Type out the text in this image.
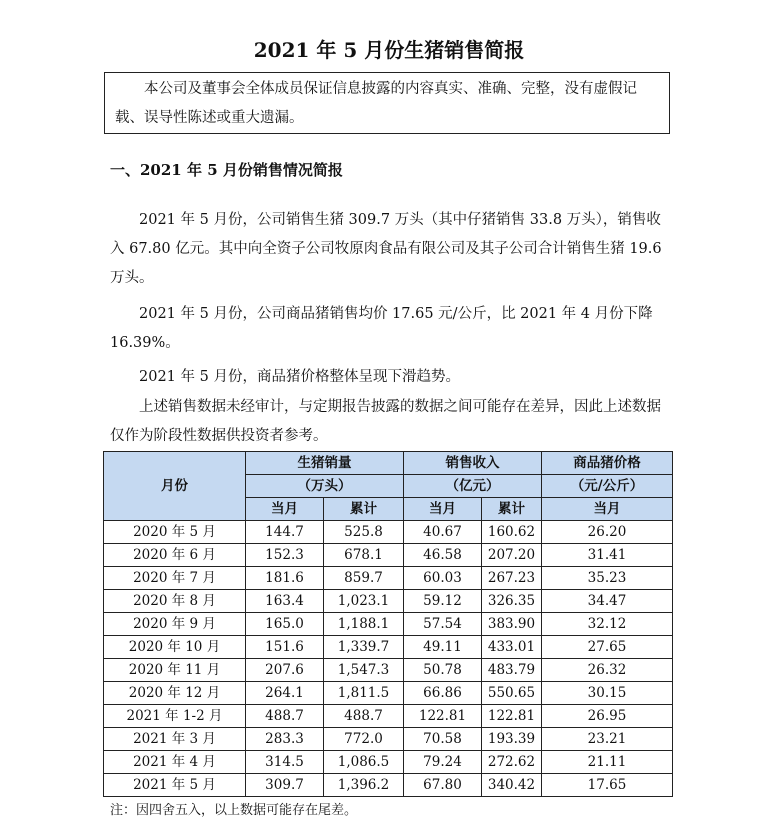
2021 年 5 月份生猪销售简报

本公司及董事会全体成员保证信息披露的内容真实、准确、完整，没有虚假记载、误导性陈述或重大遗漏。

一、2021 年 5 月份销售情况简报

2021 年 5 月份，公司销售生猪 309.7 万头（其中仔猪销售 33.8 万头），销售收入 67.80 亿元。其中向全资子公司牧原肉食品有限公司及其子公司合计销售生猪 19.6 万头。

2021 年 5 月份，公司商品猪销售均价 17.65 元/公斤，比 2021 年 4 月份下降 16.39%。

2021 年 5 月份，商品猪价格整体呈现下滑趋势。

上述销售数据未经审计，与定期报告披露的数据之间可能存在差异，因此上述数据仅作为阶段性数据供投资者参考。

月份	生猪销量		销售收入		商品猪价格
	（万头）		（亿元）		（元/公斤）
	当月	累计	当月	累计	当月
2020 年 5 月	144.7	525.8	40.67	160.62	26.20
2020 年 6 月	152.3	678.1	46.58	207.20	31.41
2020 年 7 月	181.6	859.7	60.03	267.23	35.23
2020 年 8 月	163.4	1,023.1	59.12	326.35	34.47
2020 年 9 月	165.0	1,188.1	57.54	383.90	32.12
2020 年 10 月	151.6	1,339.7	49.11	433.01	27.65
2020 年 11 月	207.6	1,547.3	50.78	483.79	26.32
2020 年 12 月	264.1	1,811.5	66.86	550.65	30.15
2021 年 1-2 月	488.7	488.7	122.81	122.81	26.95
2021 年 3 月	283.3	772.0	70.58	193.39	23.21
2021 年 4 月	314.5	1,086.5	79.24	272.62	21.11
2021 年 5 月	309.7	1,396.2	67.80	340.42	17.65

注：因四舍五入，以上数据可能存在尾差。
